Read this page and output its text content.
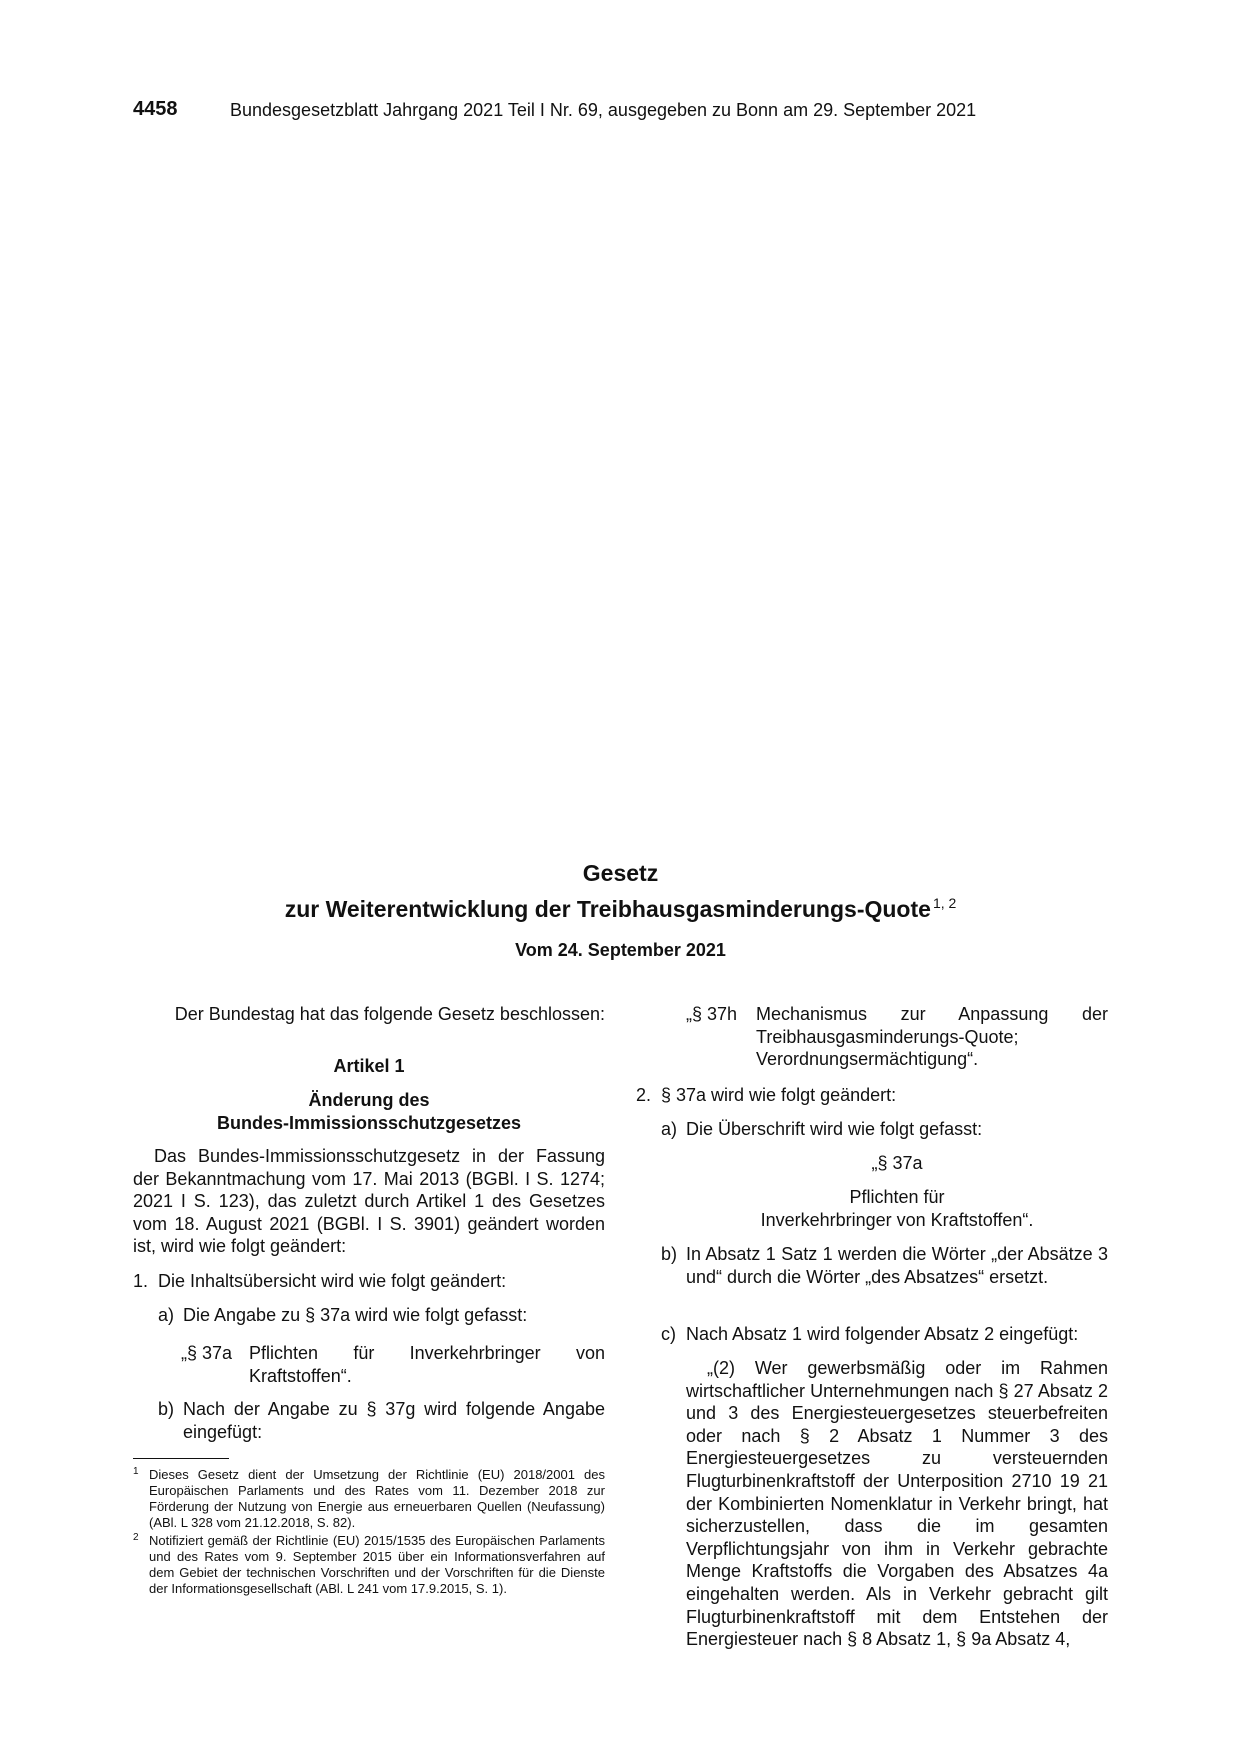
4458	Bundesgesetzblatt Jahrgang 2021 Teil I Nr. 69, ausgegeben zu Bonn am 29. September 2021
Gesetz
zur Weiterentwicklung der Treibhausgasminderungs-Quote $^{1, 2}$
Vom 24. September 2021
Der Bundestag hat das folgende Gesetz beschlossen:
Artikel 1
Änderung des
Bundes-Immissionsschutzgesetzes
Das Bundes-Immissionsschutzgesetz in der Fassung der Bekanntmachung vom 17. Mai 2013 (BGBl. I S. 1274; 2021 I S. 123), das zuletzt durch Artikel 1 des Gesetzes vom 18. August 2021 (BGBl. I S. 3901) geändert worden ist, wird wie folgt geändert:
1. Die Inhaltsübersicht wird wie folgt geändert:
a) Die Angabe zu § 37a wird wie folgt gefasst:
„§ 37a Pflichten für Inverkehrbringer von Kraftstoffen“.
b) Nach der Angabe zu § 37g wird folgende Angabe eingefügt:
1 Dieses Gesetz dient der Umsetzung der Richtlinie (EU) 2018/2001 des Europäischen Parlaments und des Rates vom 11. Dezember 2018 zur Förderung der Nutzung von Energie aus erneuerbaren Quellen (Neufassung) (ABl. L 328 vom 21.12.2018, S. 82).
2 Notifiziert gemäß der Richtlinie (EU) 2015/1535 des Europäischen Parlaments und des Rates vom 9. September 2015 über ein Informationsverfahren auf dem Gebiet der technischen Vorschriften und der Vorschriften für die Dienste der Informationsgesellschaft (ABl. L 241 vom 17.9.2015, S. 1).
„§ 37h Mechanismus zur Anpassung der Treibhausgasminderungs-Quote; Verordnungsermächtigung“.
2. § 37a wird wie folgt geändert:
a) Die Überschrift wird wie folgt gefasst:
„§ 37a
Pflichten für
Inverkehrbringer von Kraftstoffen“.
b) In Absatz 1 Satz 1 werden die Wörter „der Absätze 3 und“ durch die Wörter „des Absatzes“ ersetzt.
c) Nach Absatz 1 wird folgender Absatz 2 eingefügt:
„(2) Wer gewerbsmäßig oder im Rahmen wirtschaftlicher Unternehmungen nach § 27 Absatz 2 und 3 des Energiesteuergesetzes steuerbefreiten oder nach § 2 Absatz 1 Nummer 3 des Energiesteuergesetzes zu versteuernden Flugturbinenkraftstoff der Unterposition 2710 19 21 der Kombinierten Nomenklatur in Verkehr bringt, hat sicherzustellen, dass die im gesamten Verpflichtungsjahr von ihm in Verkehr gebrachte Menge Kraftstoffs die Vorgaben des Absatzes 4a eingehalten werden. Als in Verkehr gebracht gilt Flugturbinenkraftstoff mit dem Entstehen der Energiesteuer nach § 8 Absatz 1, § 9a Absatz 4,
